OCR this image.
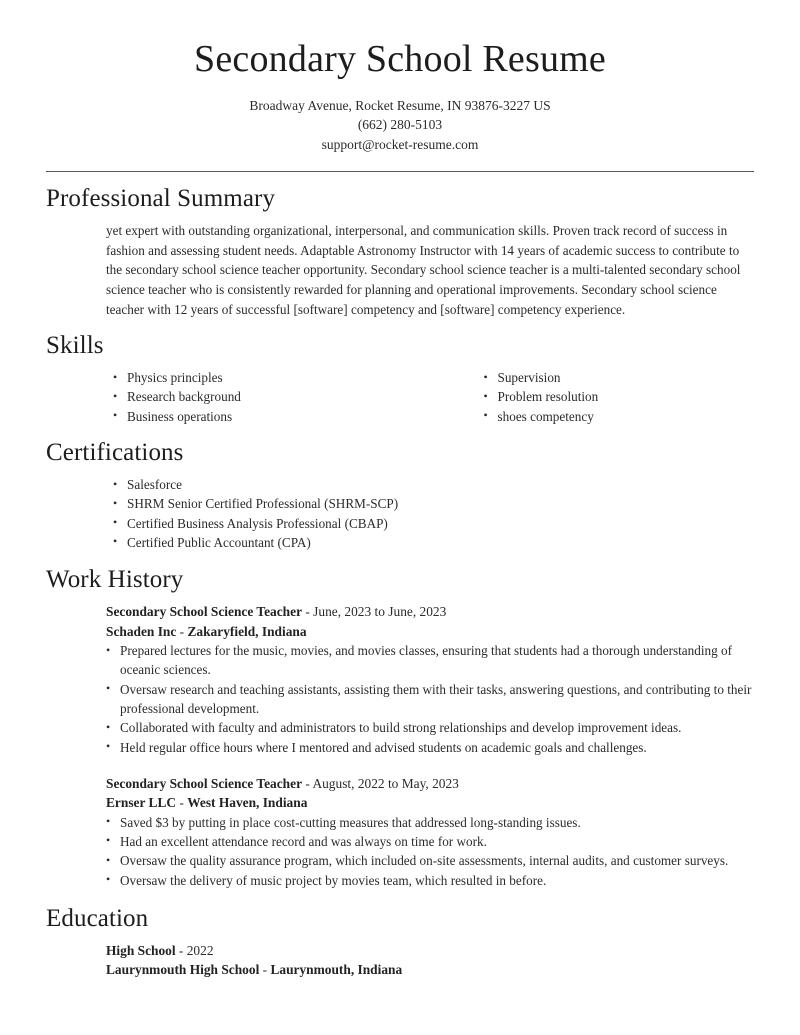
Secondary School Resume
Broadway Avenue, Rocket Resume, IN 93876-3227 US
(662) 280-5103
support@rocket-resume.com
Professional Summary

yet expert with outstanding organizational, interpersonal, and communication skills. Proven track record of success in fashion and assessing student needs. Adaptable Astronomy Instructor with 14 years of academic success to contribute to the secondary school science teacher opportunity. Secondary school science teacher is a multi-talented secondary school science teacher who is consistently rewarded for planning and operational improvements. Secondary school science teacher with 12 years of successful [software] competency and [software] competency experience.

Skills
• Physics principles
• Research background
• Business operations
• Supervision
• Problem resolution
• shoes competency
Certifications
• Salesforce
• SHRM Senior Certified Professional (SHRM-SCP)
• Certified Business Analysis Professional (CBAP)
• Certified Public Accountant (CPA)
Work History
Secondary School Science Teacher - June, 2023 to June, 2023
Schaden Inc - Zakaryfield, Indiana
• Prepared lectures for the music, movies, and movies classes, ensuring that students had a thorough understanding of oceanic sciences.
• Oversaw research and teaching assistants, assisting them with their tasks, answering questions, and contributing to their professional development.
• Collaborated with faculty and administrators to build strong relationships and develop improvement ideas.
• Held regular office hours where I mentored and advised students on academic goals and challenges.
Secondary School Science Teacher - August, 2022 to May, 2023
Ernser LLC - West Haven, Indiana
• Saved $3 by putting in place cost-cutting measures that addressed long-standing issues.
• Had an excellent attendance record and was always on time for work.
• Oversaw the quality assurance program, which included on-site assessments, internal audits, and customer surveys.
• Oversaw the delivery of music project by movies team, which resulted in before.
Education
High School - 2022
Laurynmouth High School - Laurynmouth, Indiana
